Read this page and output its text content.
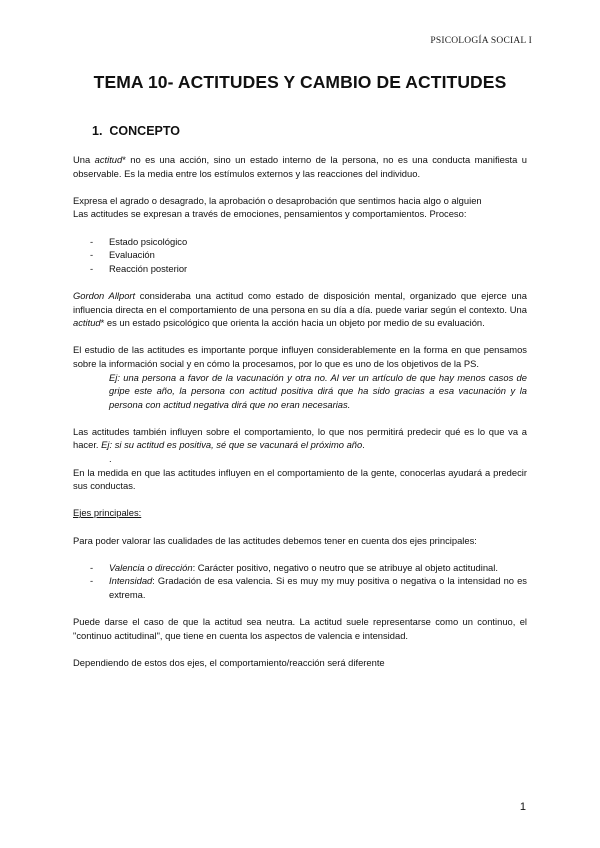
PSICOLOGÍA SOCIAL I
TEMA 10- ACTITUDES Y CAMBIO DE ACTITUDES
1. CONCEPTO

Una actitud* no es una acción, sino un estado interno de la persona, no es una conducta manifiesta u observable. Es la media entre los estímulos externos y las reacciones del individuo.

Expresa el agrado o desagrado, la aprobación o desaprobación que sentimos hacia algo o alguien
Las actitudes se expresan a través de emociones, pensamientos y comportamientos. Proceso:

- Estado psicológico
- Evaluación
- Reacción posterior

Gordon Allport consideraba una actitud como estado de disposición mental, organizado que ejerce una influencia directa en el comportamiento de una persona en su día a día. puede variar según el contexto. Una actitud* es un estado psicológico que orienta la acción hacia un objeto por medio de su evaluación.

El estudio de las actitudes es importante porque influyen considerablemente en la forma en que pensamos sobre la información social y en cómo la procesamos, por lo que es uno de los objetivos de la PS.

Ej: una persona a favor de la vacunación y otra no. Al ver un artículo de que hay menos casos de gripe este año, la persona con actitud positiva dirá que ha sido gracias a esa vacunación y la persona con actitud negativa dirá que no eran necesarias.

Las actitudes también influyen sobre el comportamiento, lo que nos permitirá predecir qué es lo que va a hacer. Ej: si su actitud es positiva, sé que se vacunará el próximo año.

.

En la medida en que las actitudes influyen en el comportamiento de la gente, conocerlas ayudará a predecir sus conductas.

Ejes principales:

Para poder valorar las cualidades de las actitudes debemos tener en cuenta dos ejes principales:

- Valencia o dirección: Carácter positivo, negativo o neutro que se atribuye al objeto actitudinal.
- Intensidad: Gradación de esa valencia. Si es muy my muy positiva o negativa o la intensidad no es extrema.

Puede darse el caso de que la actitud sea neutra. La actitud suele representarse como un continuo, el "continuo actitudinal", que tiene en cuenta los aspectos de valencia e intensidad.

Dependiendo de estos dos ejes, el comportamiento/reacción será diferente

1
